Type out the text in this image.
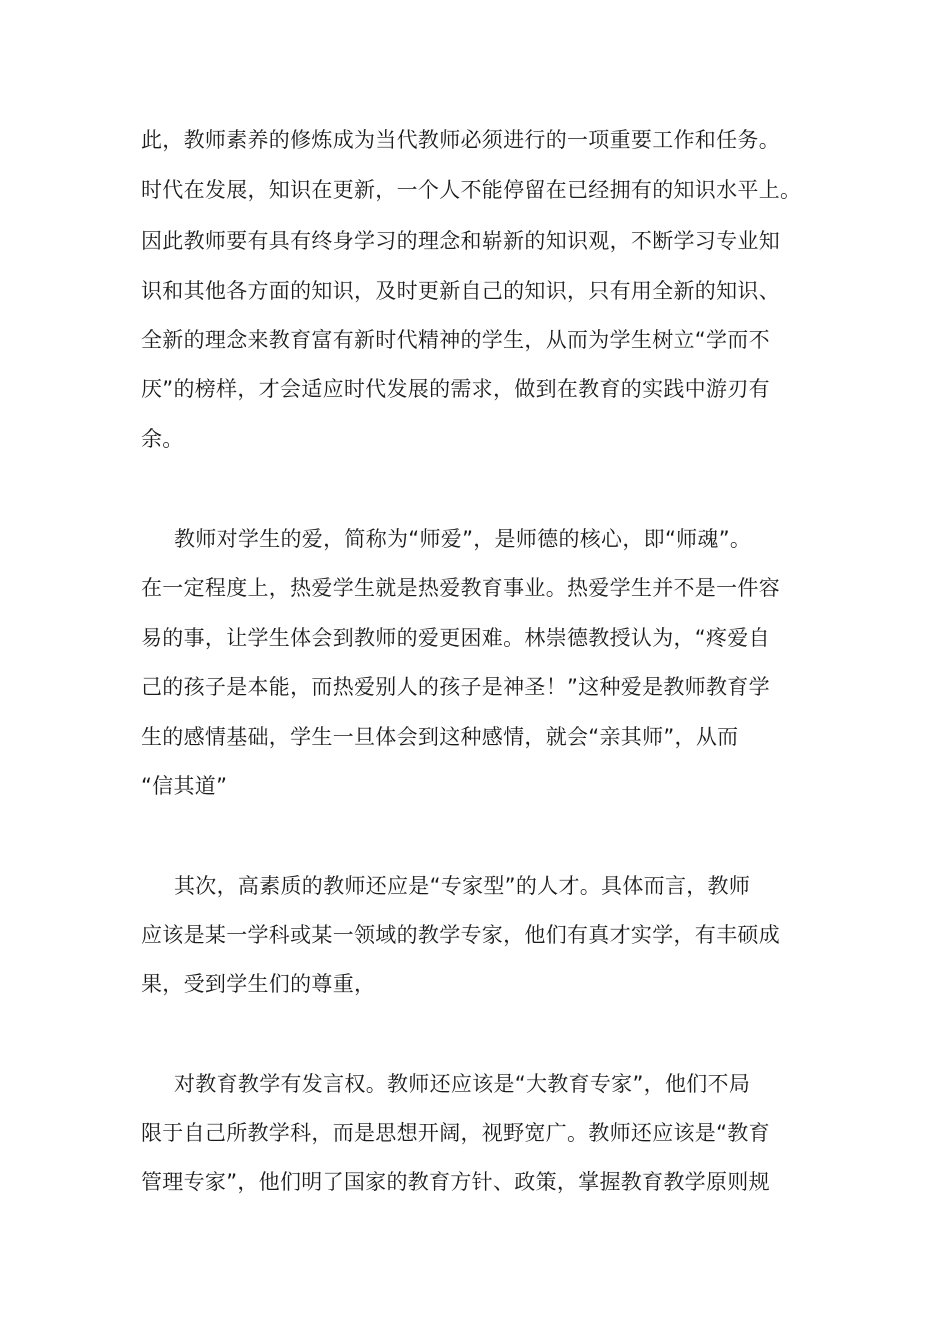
此，教师素养的修炼成为当代教师必须进行的一项重要工作和任务。
时代在发展，知识在更新，一个人不能停留在已经拥有的知识水平上。
因此教师要有具有终身学习的理念和崭新的知识观，不断学习专业知
识和其他各方面的知识，及时更新自己的知识，只有用全新的知识、
全新的理念来教育富有新时代精神的学生，从而为学生树立“学而不
厌”的榜样，才会适应时代发展的需求，做到在教育的实践中游刃有
余。
教师对学生的爱，简称为“师爱”，是师德的核心，即“师魂”。
在一定程度上，热爱学生就是热爱教育事业。热爱学生并不是一件容
易的事，让学生体会到教师的爱更困难。林崇德教授认为，“疼爱自
己的孩子是本能，而热爱别人的孩子是神圣！”这种爱是教师教育学
生的感情基础，学生一旦体会到这种感情，就会“亲其师”，从而
“信其道”
其次，高素质的教师还应是“专家型”的人才。具体而言，教师
应该是某一学科或某一领域的教学专家，他们有真才实学，有丰硕成
果，受到学生们的尊重，
对教育教学有发言权。教师还应该是“大教育专家”，他们不局
限于自己所教学科，而是思想开阔，视野宽广。教师还应该是“教育
管理专家”，他们明了国家的教育方针、政策，掌握教育教学原则规
